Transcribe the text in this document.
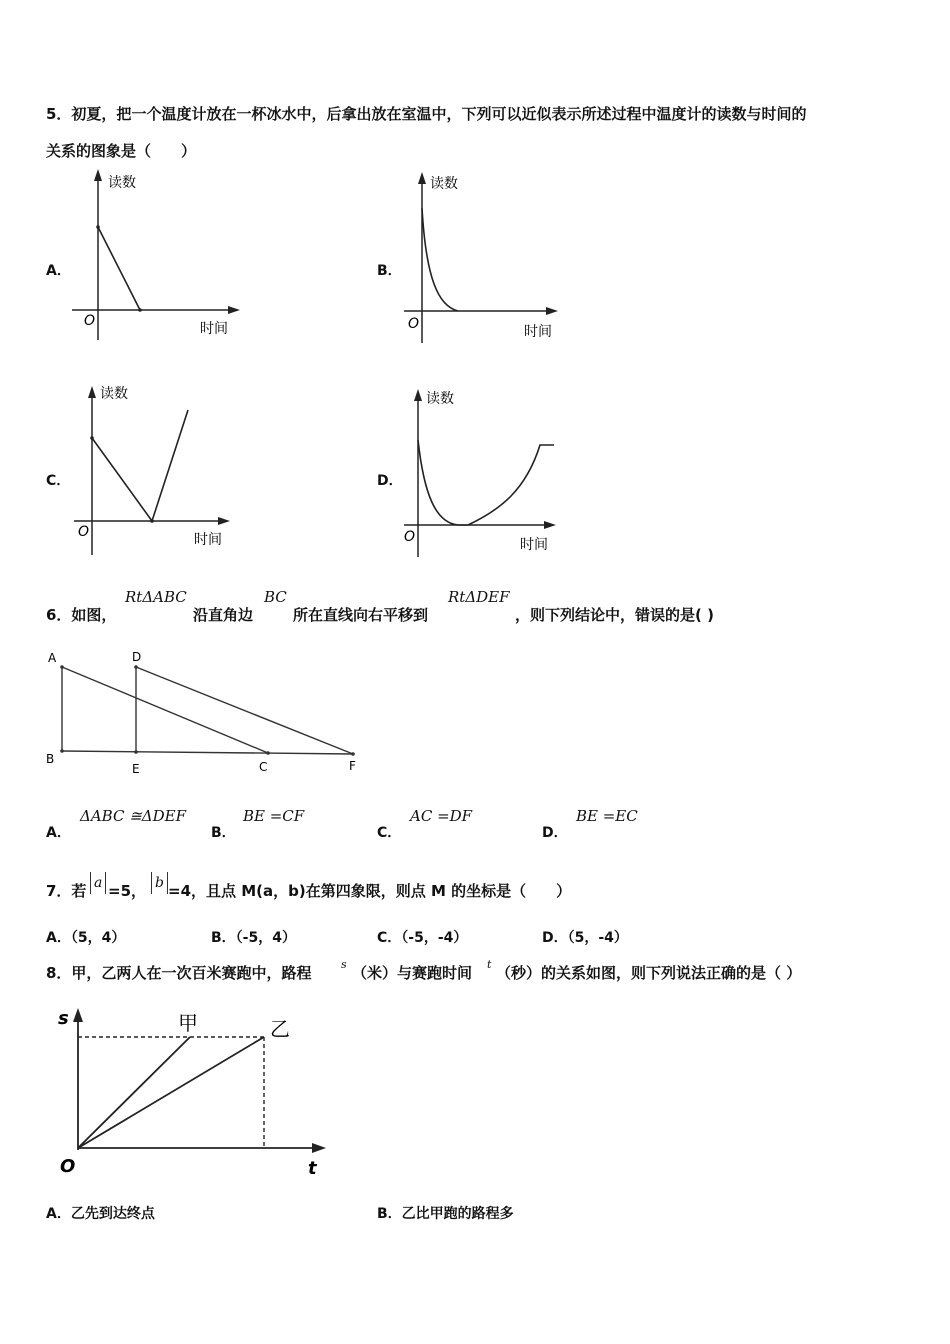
5．初夏，把一个温度计放在一杯冰水中，后拿出放在室温中，下列可以近似表示所述过程中温度计的读数与时间的
关系的图象是（　　）
A．	B．
C．	D．
读数
时间
O
读数
时间
O
读数
时间
O
读数
时间
O
6．如图，
RtΔABC
沿直角边
BC
所在直线向右平移到
RtΔDEF
，则下列结论中，错误的是( )
A
B
D
E	C	F
A．
ΔABC ≅ΔDEF
B．
BE =CF
C．
AC =DF
D．
BE =EC
7．若 a =5， b =4，且点 M(a，b)在第四象限，则点 M 的坐标是（　　）
A．（5，4）	B．（-5，4）	C．（-5，-4）	D．（5，-4）
8．甲，乙两人在一次百米赛跑中，路程	s （米）与赛跑时间 t （秒）的关系如图，则下列说法正确的是（ ）
s
t
O
甲	乙
A．乙先到达终点	B．乙比甲跑的路程多
